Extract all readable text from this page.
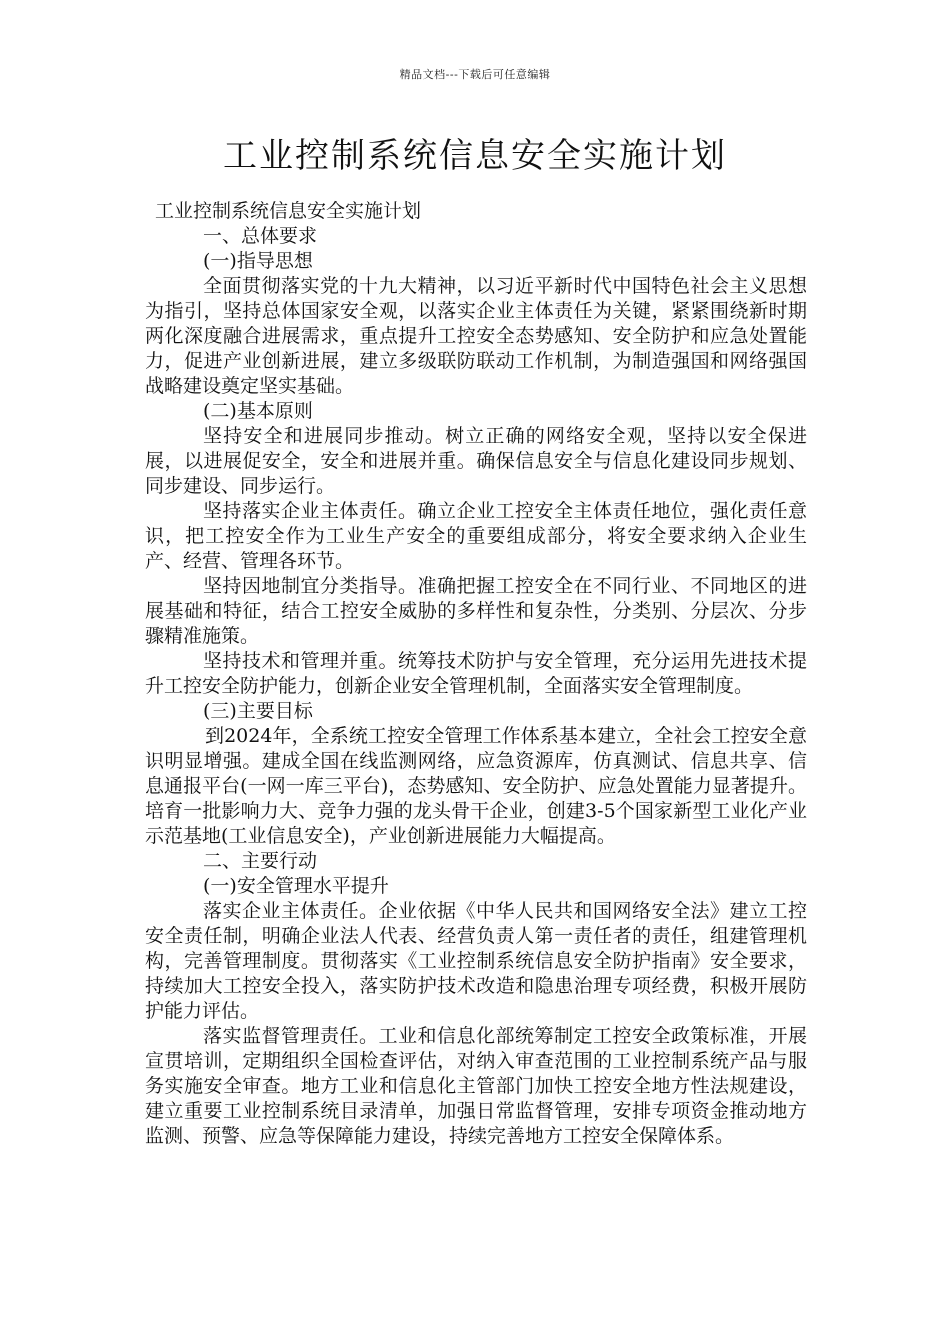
精品文档---下载后可任意编辑
工业控制系统信息安全实施计划

工业控制系统信息安全实施计划

一、总体要求

(一)指导思想

全面贯彻落实党的十九大精神，以习近平新时代中国特色社会主义思想为指引，坚持总体国家安全观，以落实企业主体责任为关键，紧紧围绕新时期两化深度融合进展需求，重点提升工控安全态势感知、安全防护和应急处置能力，促进产业创新进展，建立多级联防联动工作机制，为制造强国和网络强国战略建设奠定坚实基础。

(二)基本原则

坚持安全和进展同步推动。树立正确的网络安全观，坚持以安全保进展，以进展促安全，安全和进展并重。确保信息安全与信息化建设同步规划、同步建设、同步运行。

坚持落实企业主体责任。确立企业工控安全主体责任地位，强化责任意识，把工控安全作为工业生产安全的重要组成部分，将安全要求纳入企业生产、经营、管理各环节。

坚持因地制宜分类指导。准确把握工控安全在不同行业、不同地区的进展基础和特征，结合工控安全威胁的多样性和复杂性，分类别、分层次、分步骤精准施策。

坚持技术和管理并重。统筹技术防护与安全管理，充分运用先进技术提升工控安全防护能力，创新企业安全管理机制，全面落实安全管理制度。

(三)主要目标

到2024年，全系统工控安全管理工作体系基本建立，全社会工控安全意识明显增强。建成全国在线监测网络，应急资源库，仿真测试、信息共享、信息通报平台(一网一库三平台)，态势感知、安全防护、应急处置能力显著提升。培育一批影响力大、竞争力强的龙头骨干企业，创建3-5个国家新型工业化产业示范基地(工业信息安全)，产业创新进展能力大幅提高。

二、主要行动

(一)安全管理水平提升

落实企业主体责任。企业依据《中华人民共和国网络安全法》建立工控安全责任制，明确企业法人代表、经营负责人第一责任者的责任，组建管理机构，完善管理制度。贯彻落实《工业控制系统信息安全防护指南》安全要求，持续加大工控安全投入，落实防护技术改造和隐患治理专项经费，积极开展防护能力评估。

落实监督管理责任。工业和信息化部统筹制定工控安全政策标准，开展宣贯培训，定期组织全国检查评估，对纳入审查范围的工业控制系统产品与服务实施安全审查。地方工业和信息化主管部门加快工控安全地方性法规建设，建立重要工业控制系统目录清单，加强日常监督管理，安排专项资金推动地方监测、预警、应急等保障能力建设，持续完善地方工控安全保障体系。
